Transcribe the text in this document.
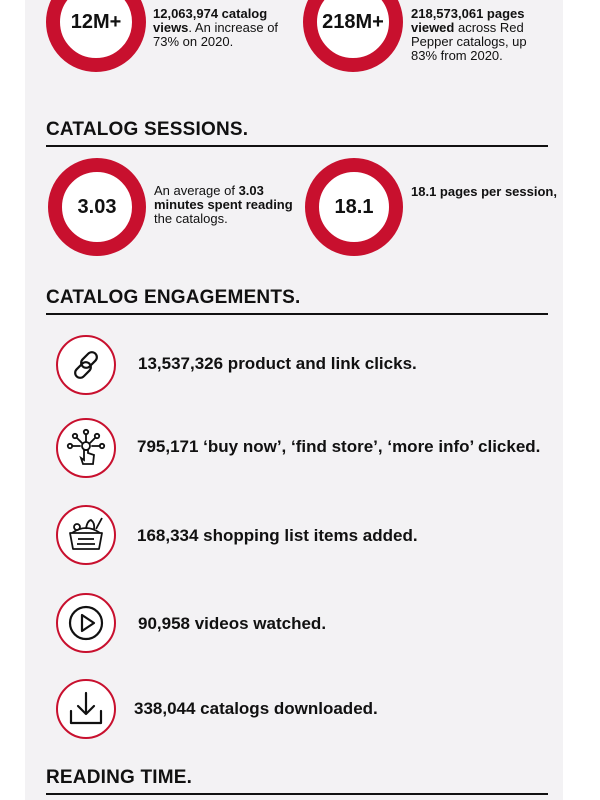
12M+ 12,063,974 catalog views. An increase of 73% on 2020.
218M+ 218,573,061 pages viewed across Red Pepper catalogs, up 83% from 2020.
CATALOG SESSIONS.
3.03
An average of 3.03 minutes spent reading the catalogs.
18.1
18.1 pages per session,
CATALOG ENGAGEMENTS.
13,537,326 product and link clicks.
795,171 ‘buy now’, ‘find store’, ‘more info’ clicked.
168,334 shopping list items added.
90,958 videos watched.
338,044 catalogs downloaded.
READING TIME.
